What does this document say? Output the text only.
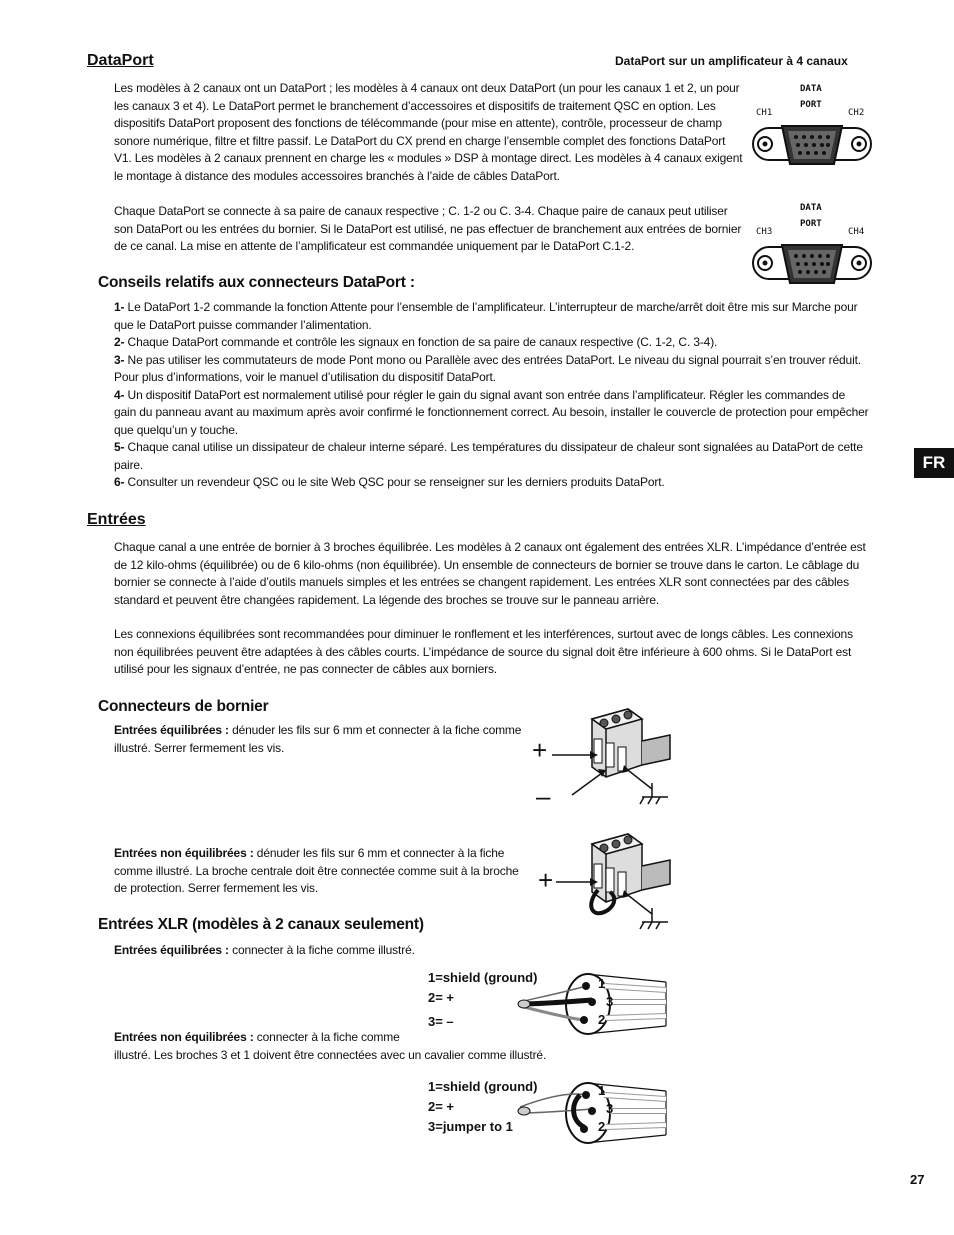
DataPort	DataPort sur un amplificateur à 4 canaux
Les modèles à 2 canaux ont un DataPort ; les modèles à 4 canaux ont deux DataPort (un pour les canaux 1 et 2, un pour les canaux 3 et 4). Le DataPort permet le branchement d’accessoires et dispositifs de traitement QSC en option. Les dispositifs DataPort proposent des fonctions de télécommande (pour mise en attente), contrôle, processeur de champ sonore numérique, filtre et filtre passif. Le DataPort du CX prend en charge l’ensemble complet des fonctions DataPort V1. Les modèles à 2 canaux prennent en charge les « modules » DSP à montage direct. Les modèles à 4 canaux exigent le montage à distance des modules accessoires branchés à l’aide de câbles DataPort.
Chaque DataPort se connecte à sa paire de canaux respective ; C. 1-2 ou C. 3-4. Chaque paire de canaux peut utiliser son DataPort ou les entrées du bornier. Si le DataPort est utilisé, ne pas effectuer de branchement aux entrées de bornier de ce canal. La mise en attente de l’amplificateur est commandée uniquement par le DataPort C.1-2.
DATA
PORT
CH1	CH2
DATA
PORT
CH3	CH4
Conseils relatifs aux connecteurs DataPort :
1- Le DataPort 1-2 commande la fonction Attente pour l’ensemble de l’amplificateur. L’interrupteur de marche/arrêt doit être mis sur Marche pour que le DataPort puisse commander l’alimentation.
2- Chaque DataPort commande et contrôle les signaux en fonction de sa paire de canaux respective (C. 1-2, C. 3-4).
3- Ne pas utiliser les commutateurs de mode Pont mono ou Parallèle avec des entrées DataPort. Le niveau du signal pourrait s’en trouver réduit. Pour plus d’informations, voir le manuel d’utilisation du dispositif DataPort.
4- Un dispositif DataPort est normalement utilisé pour régler le gain du signal avant son entrée dans l’amplificateur. Régler les commandes de gain du panneau avant au maximum après avoir confirmé le fonctionnement correct. Au besoin, installer le couvercle de protection pour empêcher que quelqu’un y touche.
5- Chaque canal utilise un dissipateur de chaleur interne séparé. Les températures du dissipateur de chaleur sont signalées au DataPort de cette paire.
6- Consulter un revendeur QSC ou le site Web QSC pour se renseigner sur les derniers produits DataPort.
FR
Entrées
Chaque canal a une entrée de bornier à 3 broches équilibrée. Les modèles à 2 canaux ont également des entrées XLR. L’impédance d’entrée est de 12 kilo-ohms (équilibrée) ou de 6 kilo-ohms (non équilibrée). Un ensemble de connecteurs de bornier se trouve dans le carton. Le câblage du bornier se connecte à l’aide d’outils manuels simples et les entrées se changent rapidement. Les entrées XLR sont connectées par des câbles standard et peuvent être changées rapidement. La légende des broches se trouve sur le panneau arrière.
Les connexions équilibrées sont recommandées pour diminuer le ronflement et les interférences, surtout avec de longs câbles. Les connexions non équilibrées peuvent être adaptées à des câbles courts. L’impédance de source du signal doit être inférieure à 600 ohms. Si le DataPort est utilisé pour les signaux d’entrée, ne pas connecter de câbles aux borniers.
Connecteurs de bornier
Entrées équilibrées : dénuder les fils sur 6 mm et connecter à la fiche comme illustré. Serrer fermement les vis.
Entrées non équilibrées : dénuder les fils sur 6 mm et connecter à la fiche comme illustré. La broche centrale doit être connectée comme suit à la broche de protection. Serrer fermement les vis.
+
–
+
Entrées XLR (modèles à 2 canaux seulement)
Entrées équilibrées : connecter à la fiche comme illustré.
Entrées non équilibrées : connecter à la fiche comme
illustré. Les broches 3 et 1 doivent être connectées avec un cavalier comme illustré.
1=shield (ground)
2= +
3= –
1
3
2
1=shield (ground)
2= +
3=jumper to 1
1
3
2
27
